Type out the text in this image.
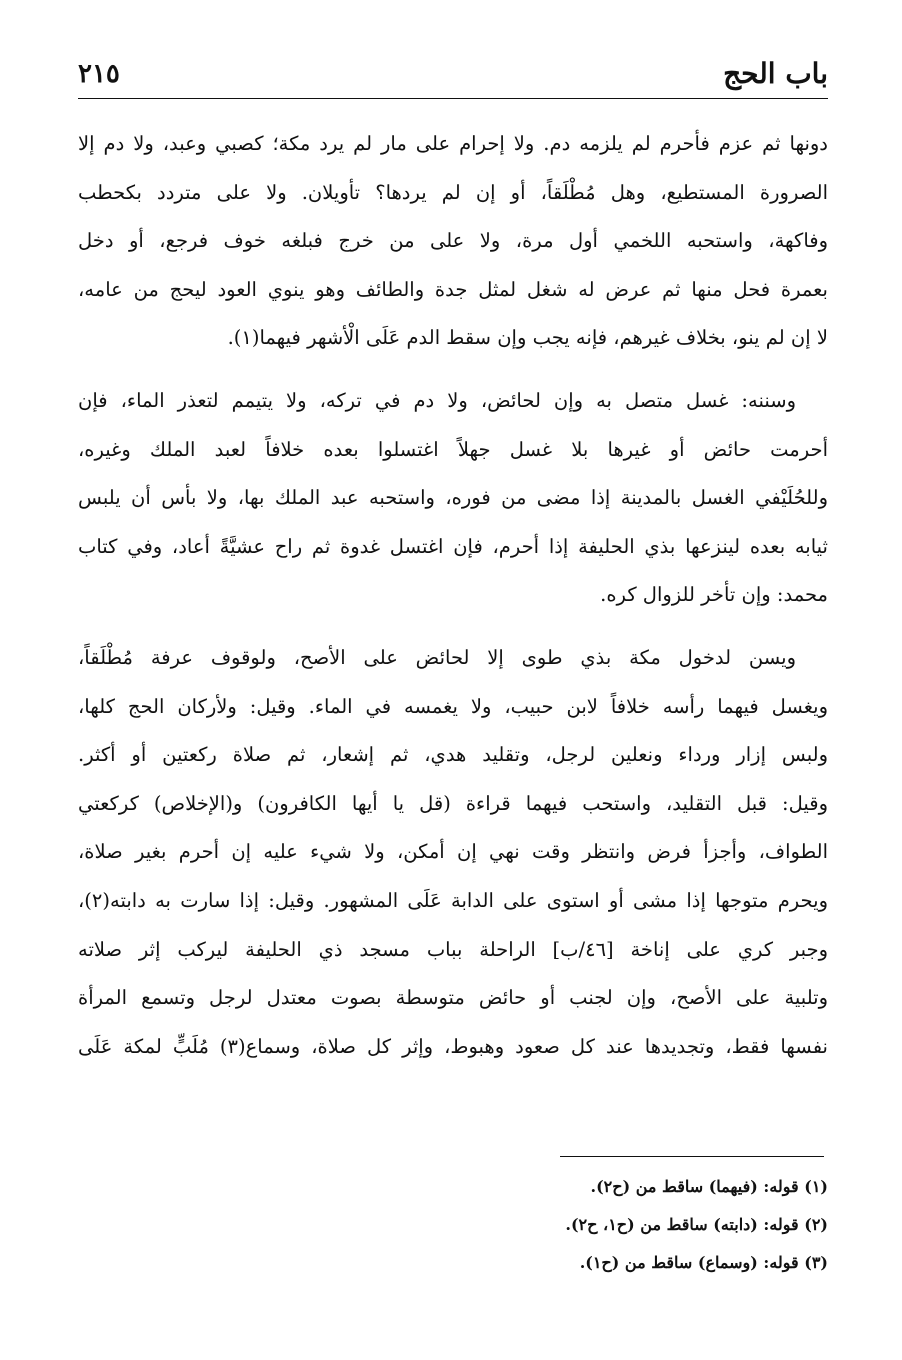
باب الحج
٢١٥
دونها ثم عزم فأحرم لم يلزمه دم. ولا إحرام على مار لم يرد مكة؛ كصبي وعبد، ولا دم إلا
الصرورة المستطيع، وهل مُطْلَقاً، أو إن لم يردها؟ تأويلان. ولا على متردد بكحطب
وفاكهة، واستحبه اللخمي أول مرة، ولا على من خرج فبلغه خوف فرجع، أو دخل
بعمرة فحل منها ثم عرض له شغل لمثل جدة والطائف وهو ينوي العود ليحج من عامه،
لا إن لم ينو، بخلاف غيرهم، فإنه يجب وإن سقط الدم عَلَى الْأشهر فيهما(١).
وسننه: غسل متصل به وإن لحائض، ولا دم في تركه، ولا يتيمم لتعذر الماء، فإن
أحرمت حائض أو غيرها بلا غسل جهلاً اغتسلوا بعده خلافاً لعبد الملك وغيره،
وللحُلَيْفي الغسل بالمدينة إذا مضى من فوره، واستحبه عبد الملك بها، ولا بأس أن يلبس
ثيابه بعده لينزعها بذي الحليفة إذا أحرم، فإن اغتسل غدوة ثم راح عشيَّةً أعاد، وفي كتاب
محمد: وإن تأخر للزوال كره.
ويسن لدخول مكة بذي طوى إلا لحائض على الأصح، ولوقوف عرفة مُطْلَقاً،
ويغسل فيهما رأسه خلافاً لابن حبيب، ولا يغمسه في الماء. وقيل: ولأركان الحج كلها،
ولبس إزار ورداء ونعلين لرجل، وتقليد هدي، ثم إشعار، ثم صلاة ركعتين أو أكثر.
وقيل: قبل التقليد، واستحب فيهما قراءة (قل يا أيها الكافرون) و(الإخلاص) كركعتي
الطواف، وأجزأ فرض وانتظر وقت نهي إن أمكن، ولا شيء عليه إن أحرم بغير صلاة،
ويحرم متوجها إذا مشى أو استوى على الدابة عَلَى المشهور. وقيل: إذا سارت به دابته(٢)،
وجبر كري على إناخة [٤٦/ب] الراحلة بباب مسجد ذي الحليفة ليركب إثر صلاته
وتلبية على الأصح، وإن لجنب أو حائض متوسطة بصوت معتدل لرجل وتسمع المرأة
نفسها فقط، وتجديدها عند كل صعود وهبوط، وإثر كل صلاة، وسماع(٣) مُلَبٍّ لمكة عَلَى
(١) قوله: (فيهما) ساقط من (ح٢).
(٢) قوله: (دابته) ساقط من (ح١، ح٢).
(٣) قوله: (وسماع) ساقط من (ح١).
